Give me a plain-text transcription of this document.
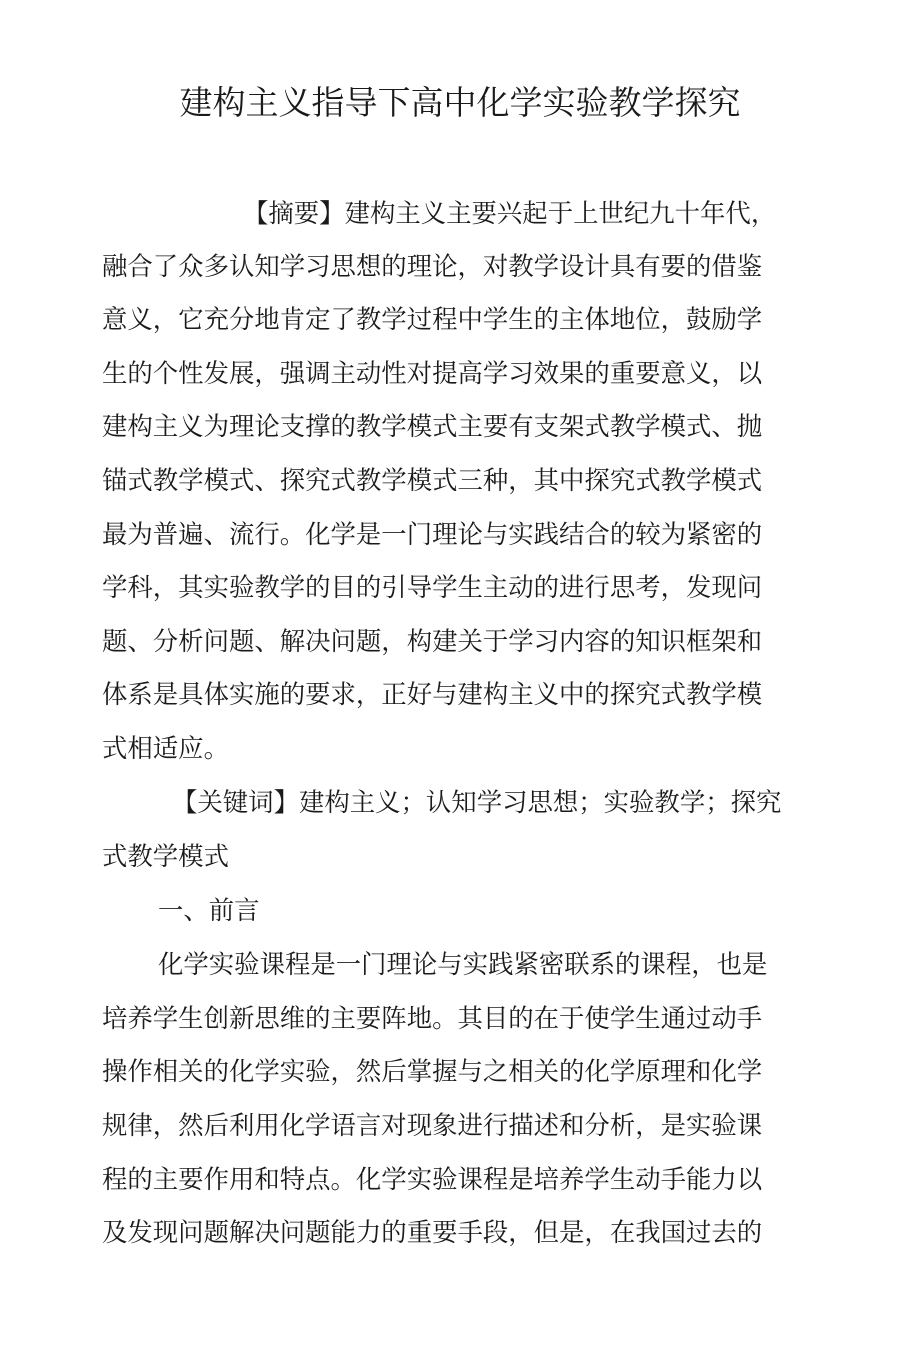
建构主义指导下高中化学实验教学探究

【摘要】建构主义主要兴起于上世纪九十年代，

融合了众多认知学习思想的理论，对教学设计具有要的借鉴

意义，它充分地肯定了教学过程中学生的主体地位，鼓励学

生的个性发展，强调主动性对提高学习效果的重要意义，以

建构主义为理论支撑的教学模式主要有支架式教学模式、抛

锚式教学模式、探究式教学模式三种，其中探究式教学模式

最为普遍、流行。化学是一门理论与实践结合的较为紧密的

学科，其实验教学的目的引导学生主动的进行思考，发现问

题、分析问题、解决问题，构建关于学习内容的知识框架和

体系是具体实施的要求，正好与建构主义中的探究式教学模

式相适应。

【关键词】建构主义；认知学习思想；实验教学；探究

式教学模式

一、前言

化学实验课程是一门理论与实践紧密联系的课程，也是

培养学生创新思维的主要阵地。其目的在于使学生通过动手

操作相关的化学实验，然后掌握与之相关的化学原理和化学

规律，然后利用化学语言对现象进行描述和分析，是实验课

程的主要作用和特点。化学实验课程是培养学生动手能力以

及发现问题解决问题能力的重要手段，但是，在我国过去的
